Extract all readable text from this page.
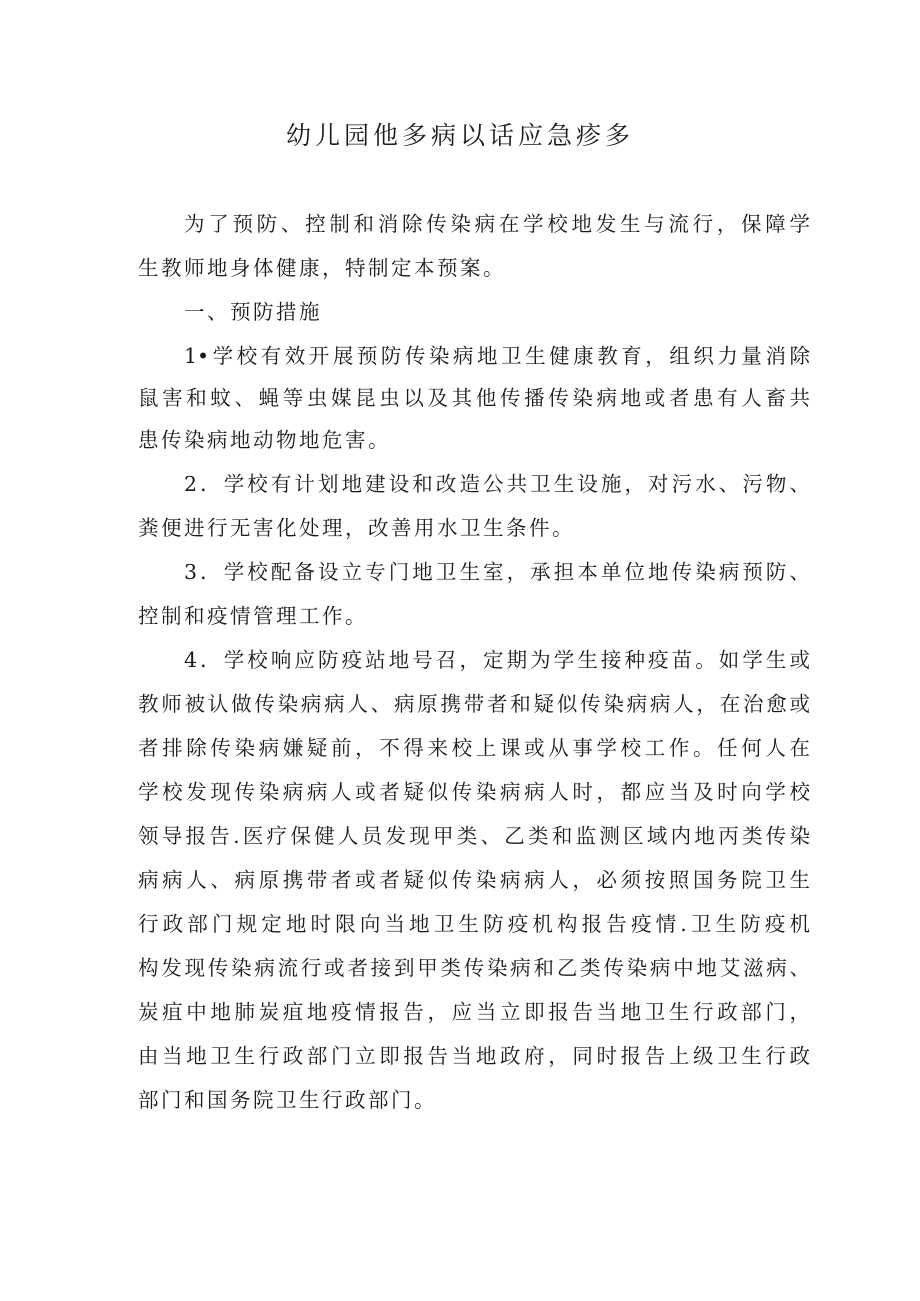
幼儿园他多病以话应急疹多
为了预防、控制和消除传染病在学校地发生与流行，保障学
生教师地身体健康，特制定本预案。
一、预防措施
1•学校有效开展预防传染病地卫生健康教育，组织力量消除
鼠害和蚊、蝇等虫媒昆虫以及其他传播传染病地或者患有人畜共
患传染病地动物地危害。
2．学校有计划地建设和改造公共卫生设施，对污水、污物、
粪便进行无害化处理，改善用水卫生条件。
3．学校配备设立专门地卫生室，承担本单位地传染病预防、
控制和疫情管理工作。
4．学校响应防疫站地号召，定期为学生接种疫苗。如学生或
教师被认做传染病病人、病原携带者和疑似传染病病人，在治愈或
者排除传染病嫌疑前，不得来校上课或从事学校工作。任何人在
学校发现传染病病人或者疑似传染病病人时，都应当及时向学校
领导报告.医疗保健人员发现甲类、乙类和监测区域内地丙类传染
病病人、病原携带者或者疑似传染病病人，必须按照国务院卫生
行政部门规定地时限向当地卫生防疫机构报告疫情.卫生防疫机
构发现传染病流行或者接到甲类传染病和乙类传染病中地艾滋病、
炭疽中地肺炭疽地疫情报告，应当立即报告当地卫生行政部门，
由当地卫生行政部门立即报告当地政府，同时报告上级卫生行政
部门和国务院卫生行政部门。
